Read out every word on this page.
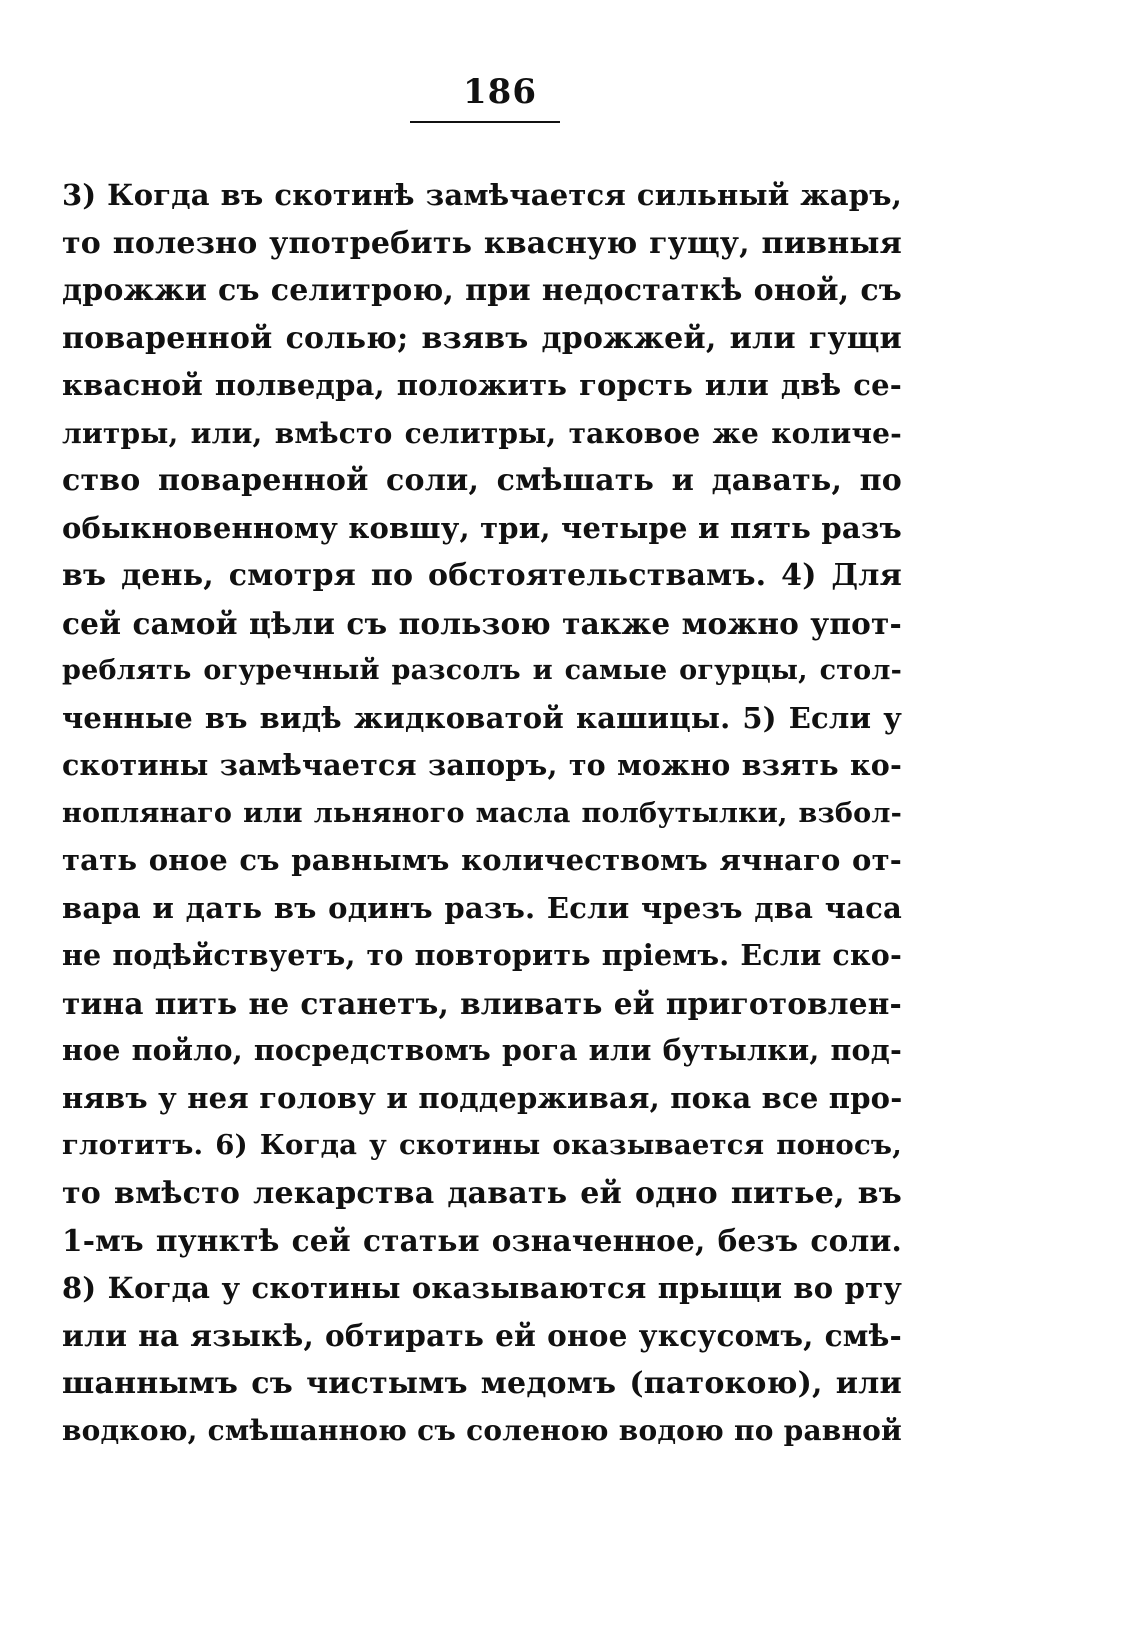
186
3) Когда въ скотинѣ замѣчается сильный жаръ,
то полезно употребить квасную гущу, пивныя
дрожжи съ селитрою, при недостаткѣ оной, съ
поваренной солью; взявъ дрожжей, или гущи
квасной полведра, положить горсть или двѣ се-
литры, или, вмѣсто селитры, таковое же количе-
ство поваренной соли, смѣшать и давать, по
обыкновенному ковшу, три, четыре и пять разъ
въ день, смотря по обстоятельствамъ. 4) Для
сей самой цѣли съ пользою также можно упот-
реблять огуречный разсолъ и самые огурцы, стол-
ченные въ видѣ жидковатой кашицы. 5) Если у
скотины замѣчается запоръ, то можно взять ко-
ноплянаго или льняного масла полбутылки, взбол-
тать оное съ равнымъ количествомъ ячнаго от-
вара и дать въ одинъ разъ. Если чрезъ два часа
не подѣйствуетъ, то повторить пріемъ. Если ско-
тина пить не станетъ, вливать ей приготовлен-
ное пойло, посредствомъ рога или бутылки, под-
нявъ у нея голову и поддерживая, пока все про-
глотитъ. 6) Когда у скотины оказывается поносъ,
то вмѣсто лекарства давать ей одно питье, въ
1-мъ пунктѣ сей статьи означенное, безъ соли.
8) Когда у скотины оказываются прыщи во рту
или на языкѣ, обтирать ей оное уксусомъ, смѣ-
шаннымъ съ чистымъ медомъ (патокою), или
водкою, смѣшанною съ соленою водою по равной
